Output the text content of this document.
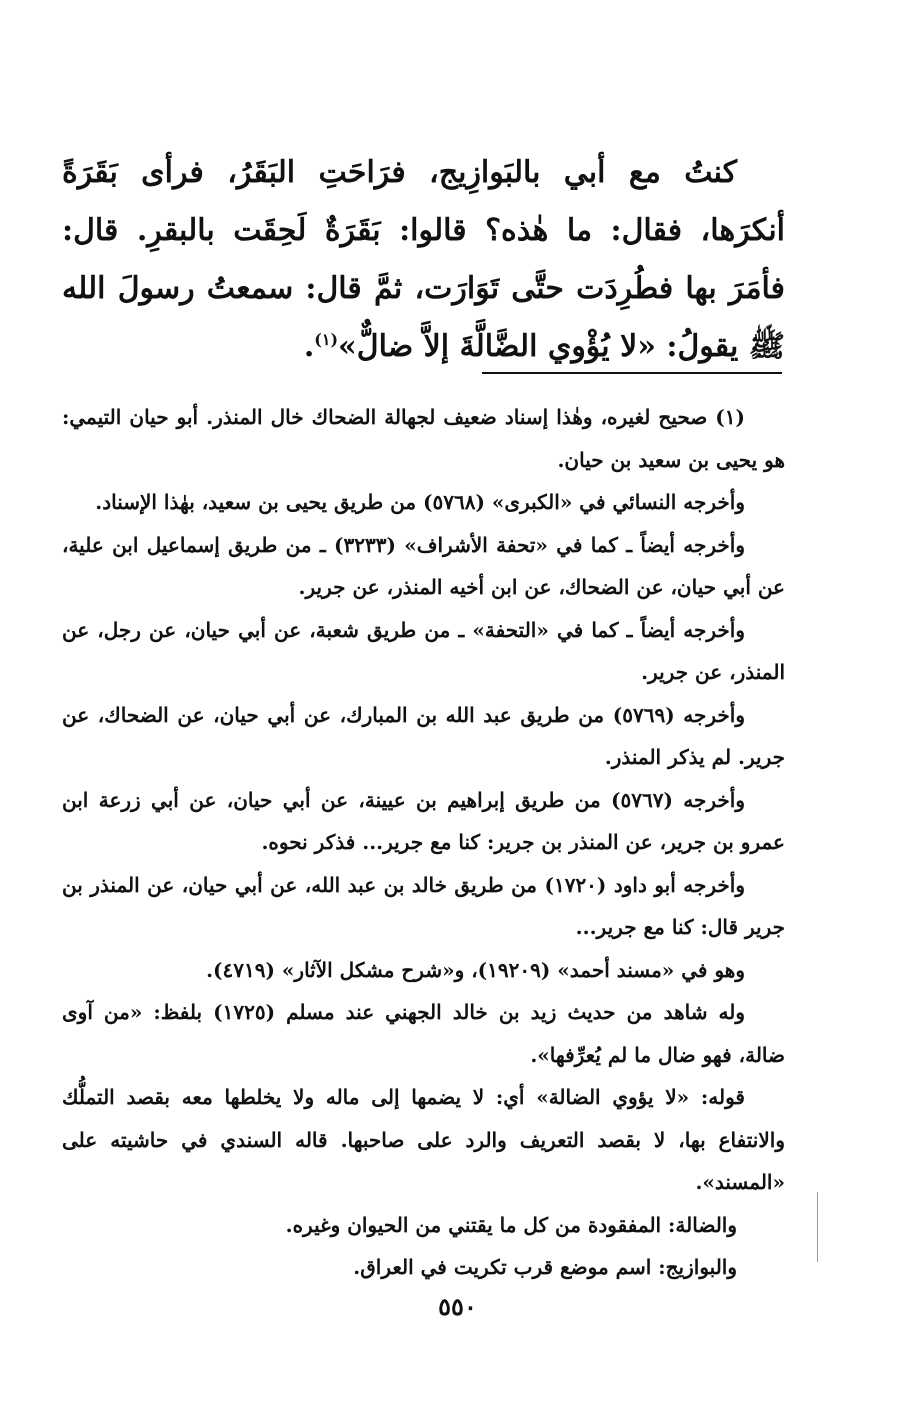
كنتُ مع أبي بالبَوازِيج، فرَاحَتِ البَقَرُ، فرأى بَقَرَةً أنكرَها، فقال: ما هٰذه؟ قالوا: بَقَرَةٌ لَحِقَت بالبقرِ. قال: فأمَرَ بها فطُرِدَت حتَّى تَوَارَت، ثمَّ قال: سمعتُ رسولَ الله ﷺ يقولُ: «لا يُؤْوي الضَّالَّةَ إلاَّ ضالٌّ»$^{(١)}$.

(١) صحيح لغيره، وهٰذا إسناد ضعيف لجهالة الضحاك خال المنذر. أبو حيان التيمي: هو يحيى بن سعيد بن حيان.

وأخرجه النسائي في «الكبرى» (٥٧٦٨) من طريق يحيى بن سعيد، بهٰذا الإسناد.

وأخرجه أيضاً ـ كما في «تحفة الأشراف» (٣٢٣٣) ـ من طريق إسماعيل ابن علية، عن أبي حيان، عن الضحاك، عن ابن أخيه المنذر، عن جرير.

وأخرجه أيضاً ـ كما في «التحفة» ـ من طريق شعبة، عن أبي حيان، عن رجل، عن المنذر، عن جرير.

وأخرجه (٥٧٦٩) من طريق عبد الله بن المبارك، عن أبي حيان، عن الضحاك، عن جرير. لم يذكر المنذر.

وأخرجه (٥٧٦٧) من طريق إبراهيم بن عيينة، عن أبي حيان، عن أبي زرعة ابن عمرو بن جرير، عن المنذر بن جرير: كنا مع جرير... فذكر نحوه.

وأخرجه أبو داود (١٧٢٠) من طريق خالد بن عبد الله، عن أبي حيان، عن المنذر بن جرير قال: كنا مع جرير...

وهو في «مسند أحمد» (١٩٢٠٩)، و«شرح مشكل الآثار» (٤٧١٩).

وله شاهد من حديث زيد بن خالد الجهني عند مسلم (١٧٢٥) بلفظ: «من آوى ضالة، فهو ضال ما لم يُعرِّفها».

قوله: «لا يؤوي الضالة» أي: لا يضمها إلى ماله ولا يخلطها معه بقصد التملُّك والانتفاع بها، لا بقصد التعريف والرد على صاحبها. قاله السندي في حاشيته على «المسند».

والضالة: المفقودة من كل ما يقتني من الحيوان وغيره.

والبوازيج: اسم موضع قرب تكريت في العراق.

٥٥٠
